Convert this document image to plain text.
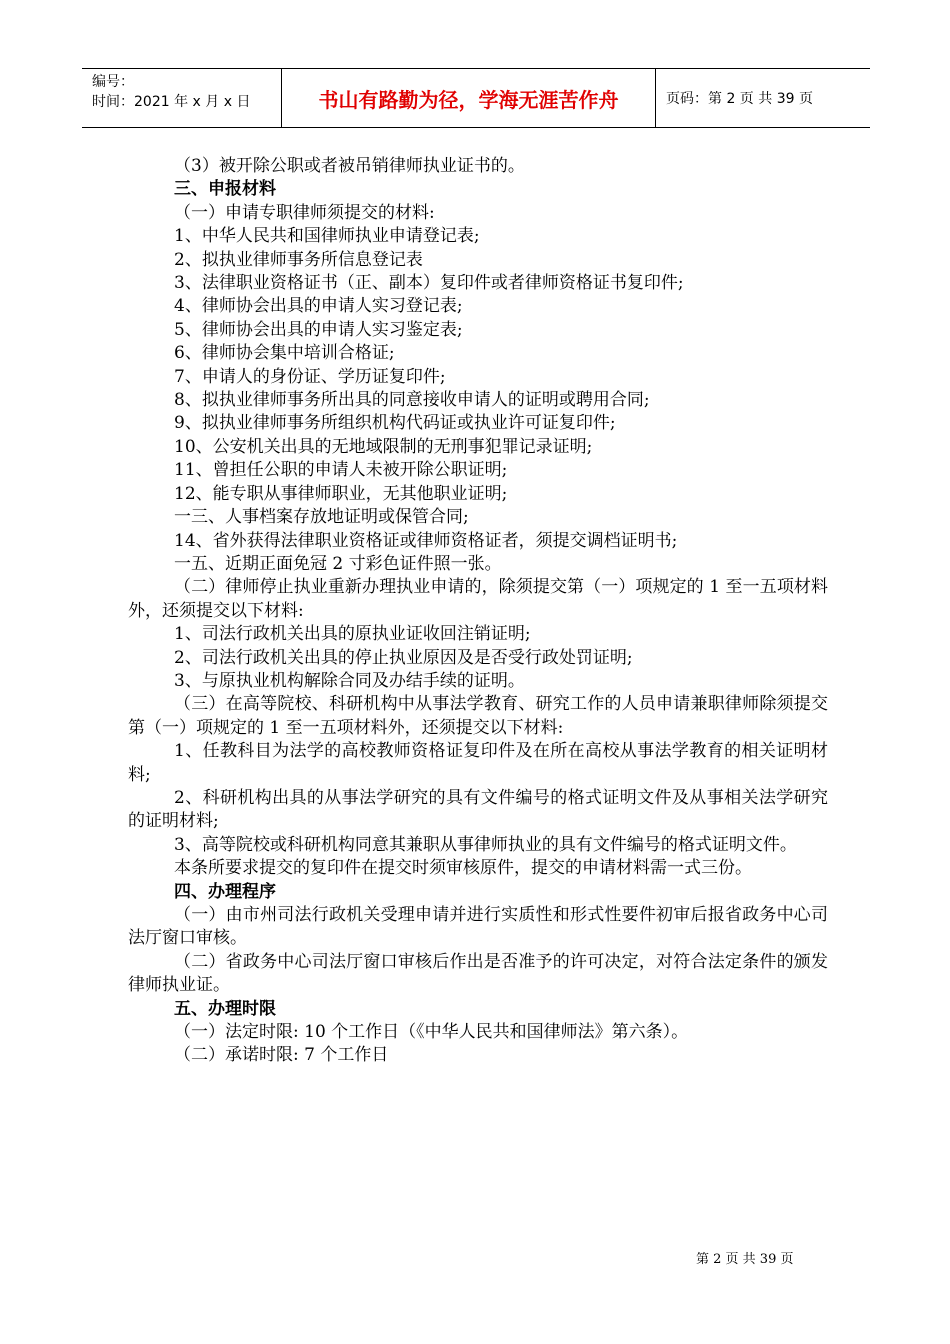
编号：
时间：2021 年 x 月 x 日	书山有路勤为径，学海无涯苦作舟	页码：第 2 页 共 39 页

（3）被开除公职或者被吊销律师执业证书的。

三、申报材料

（一）申请专职律师须提交的材料:

1、中华人民共和国律师执业申请登记表;

2、拟执业律师事务所信息登记表

3、法律职业资格证书（正、副本）复印件或者律师资格证书复印件;

4、律师协会出具的申请人实习登记表;

5、律师协会出具的申请人实习鉴定表;

6、律师协会集中培训合格证;

7、申请人的身份证、学历证复印件;

8、拟执业律师事务所出具的同意接收申请人的证明或聘用合同;

9、拟执业律师事务所组织机构代码证或执业许可证复印件;

10、公安机关出具的无地域限制的无刑事犯罪记录证明;

11、曾担任公职的申请人未被开除公职证明;

12、能专职从事律师职业，无其他职业证明;

一三、人事档案存放地证明或保管合同;

14、省外获得法律职业资格证或律师资格证者，须提交调档证明书;

一五、近期正面免冠 2 寸彩色证件照一张。

（二）律师停止执业重新办理执业申请的，除须提交第（一）项规定的 1 至一五项材料外，还须提交以下材料:

1、司法行政机关出具的原执业证收回注销证明;

2、司法行政机关出具的停止执业原因及是否受行政处罚证明;

3、与原执业机构解除合同及办结手续的证明。

（三）在高等院校、科研机构中从事法学教育、研究工作的人员申请兼职律师除须提交第（一）项规定的 1 至一五项材料外，还须提交以下材料:

1、任教科目为法学的高校教师资格证复印件及在所在高校从事法学教育的相关证明材料;

2、科研机构出具的从事法学研究的具有文件编号的格式证明文件及从事相关法学研究的证明材料;

3、高等院校或科研机构同意其兼职从事律师执业的具有文件编号的格式证明文件。

本条所要求提交的复印件在提交时须审核原件，提交的申请材料需一式三份。

四、办理程序

（一）由市州司法行政机关受理申请并进行实质性和形式性要件初审后报省政务中心司法厅窗口审核。

（二）省政务中心司法厅窗口审核后作出是否准予的许可决定，对符合法定条件的颁发律师执业证。

五、办理时限

（一）法定时限: 10 个工作日（《中华人民共和国律师法》第六条）。

（二）承诺时限: 7 个工作日

第 2 页 共 39 页
